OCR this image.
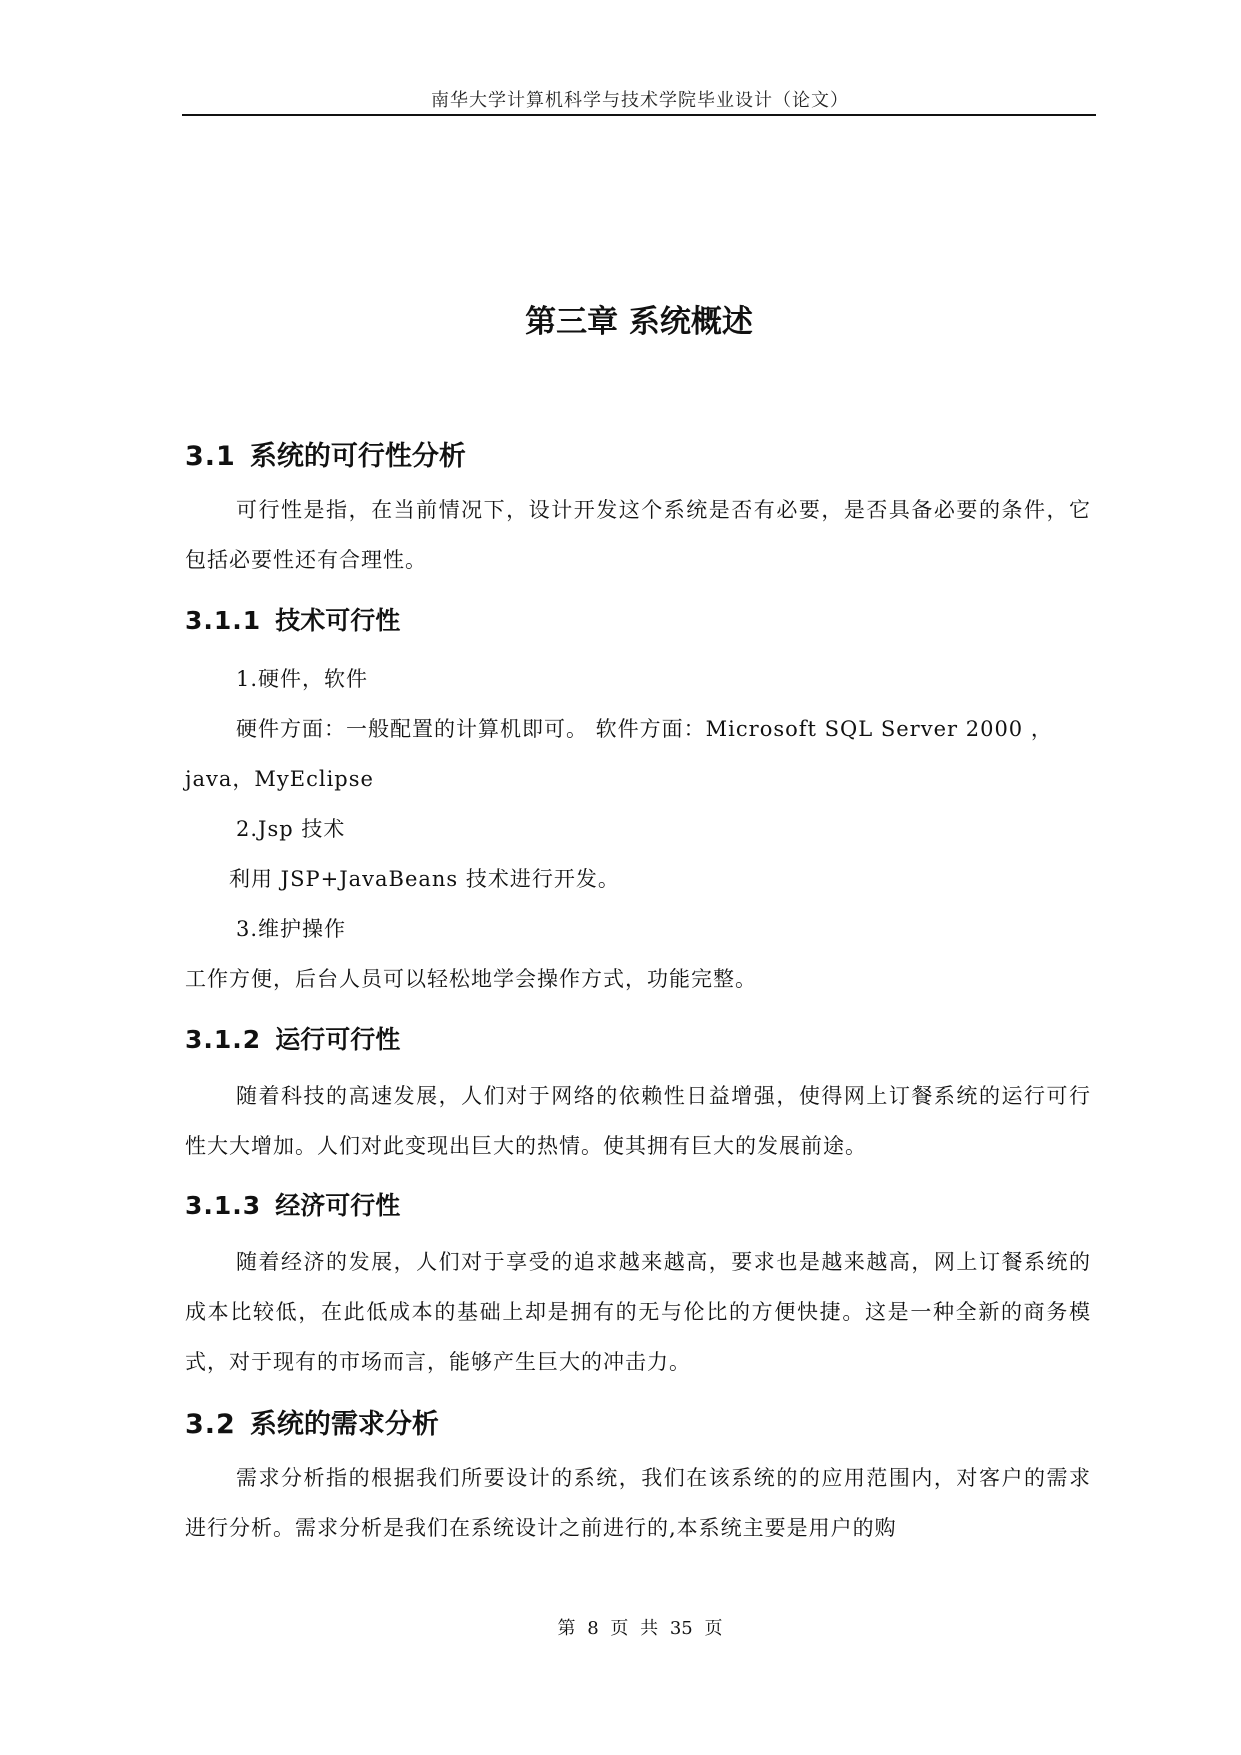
南华大学计算机科学与技术学院毕业设计（论文）
第三章 系统概述
3.1 系统的可行性分析
可行性是指，在当前情况下，设计开发这个系统是否有必要，是否具备必要的条件，它包括必要性还有合理性。
3.1.1 技术可行性
1.硬件，软件
硬件方面：一般配置的计算机即可。 软件方面：Microsoft SQL Server 2000 ，
java，MyEclipse
2.Jsp 技术
利用 JSP+JavaBeans 技术进行开发。
3.维护操作
工作方便，后台人员可以轻松地学会操作方式，功能完整。
3.1.2 运行可行性
随着科技的高速发展，人们对于网络的依赖性日益增强，使得网上订餐系统的运行可行性大大增加。人们对此变现出巨大的热情。使其拥有巨大的发展前途。
3.1.3 经济可行性
随着经济的发展，人们对于享受的追求越来越高，要求也是越来越高，网上订餐系统的成本比较低，在此低成本的基础上却是拥有的无与伦比的方便快捷。这是一种全新的商务模式，对于现有的市场而言，能够产生巨大的冲击力。
3.2 系统的需求分析
需求分析指的根据我们所要设计的系统，我们在该系统的的应用范围内，对客户的需求进行分析。需求分析是我们在系统设计之前进行的,本系统主要是用户的购
第 8 页 共 35 页
